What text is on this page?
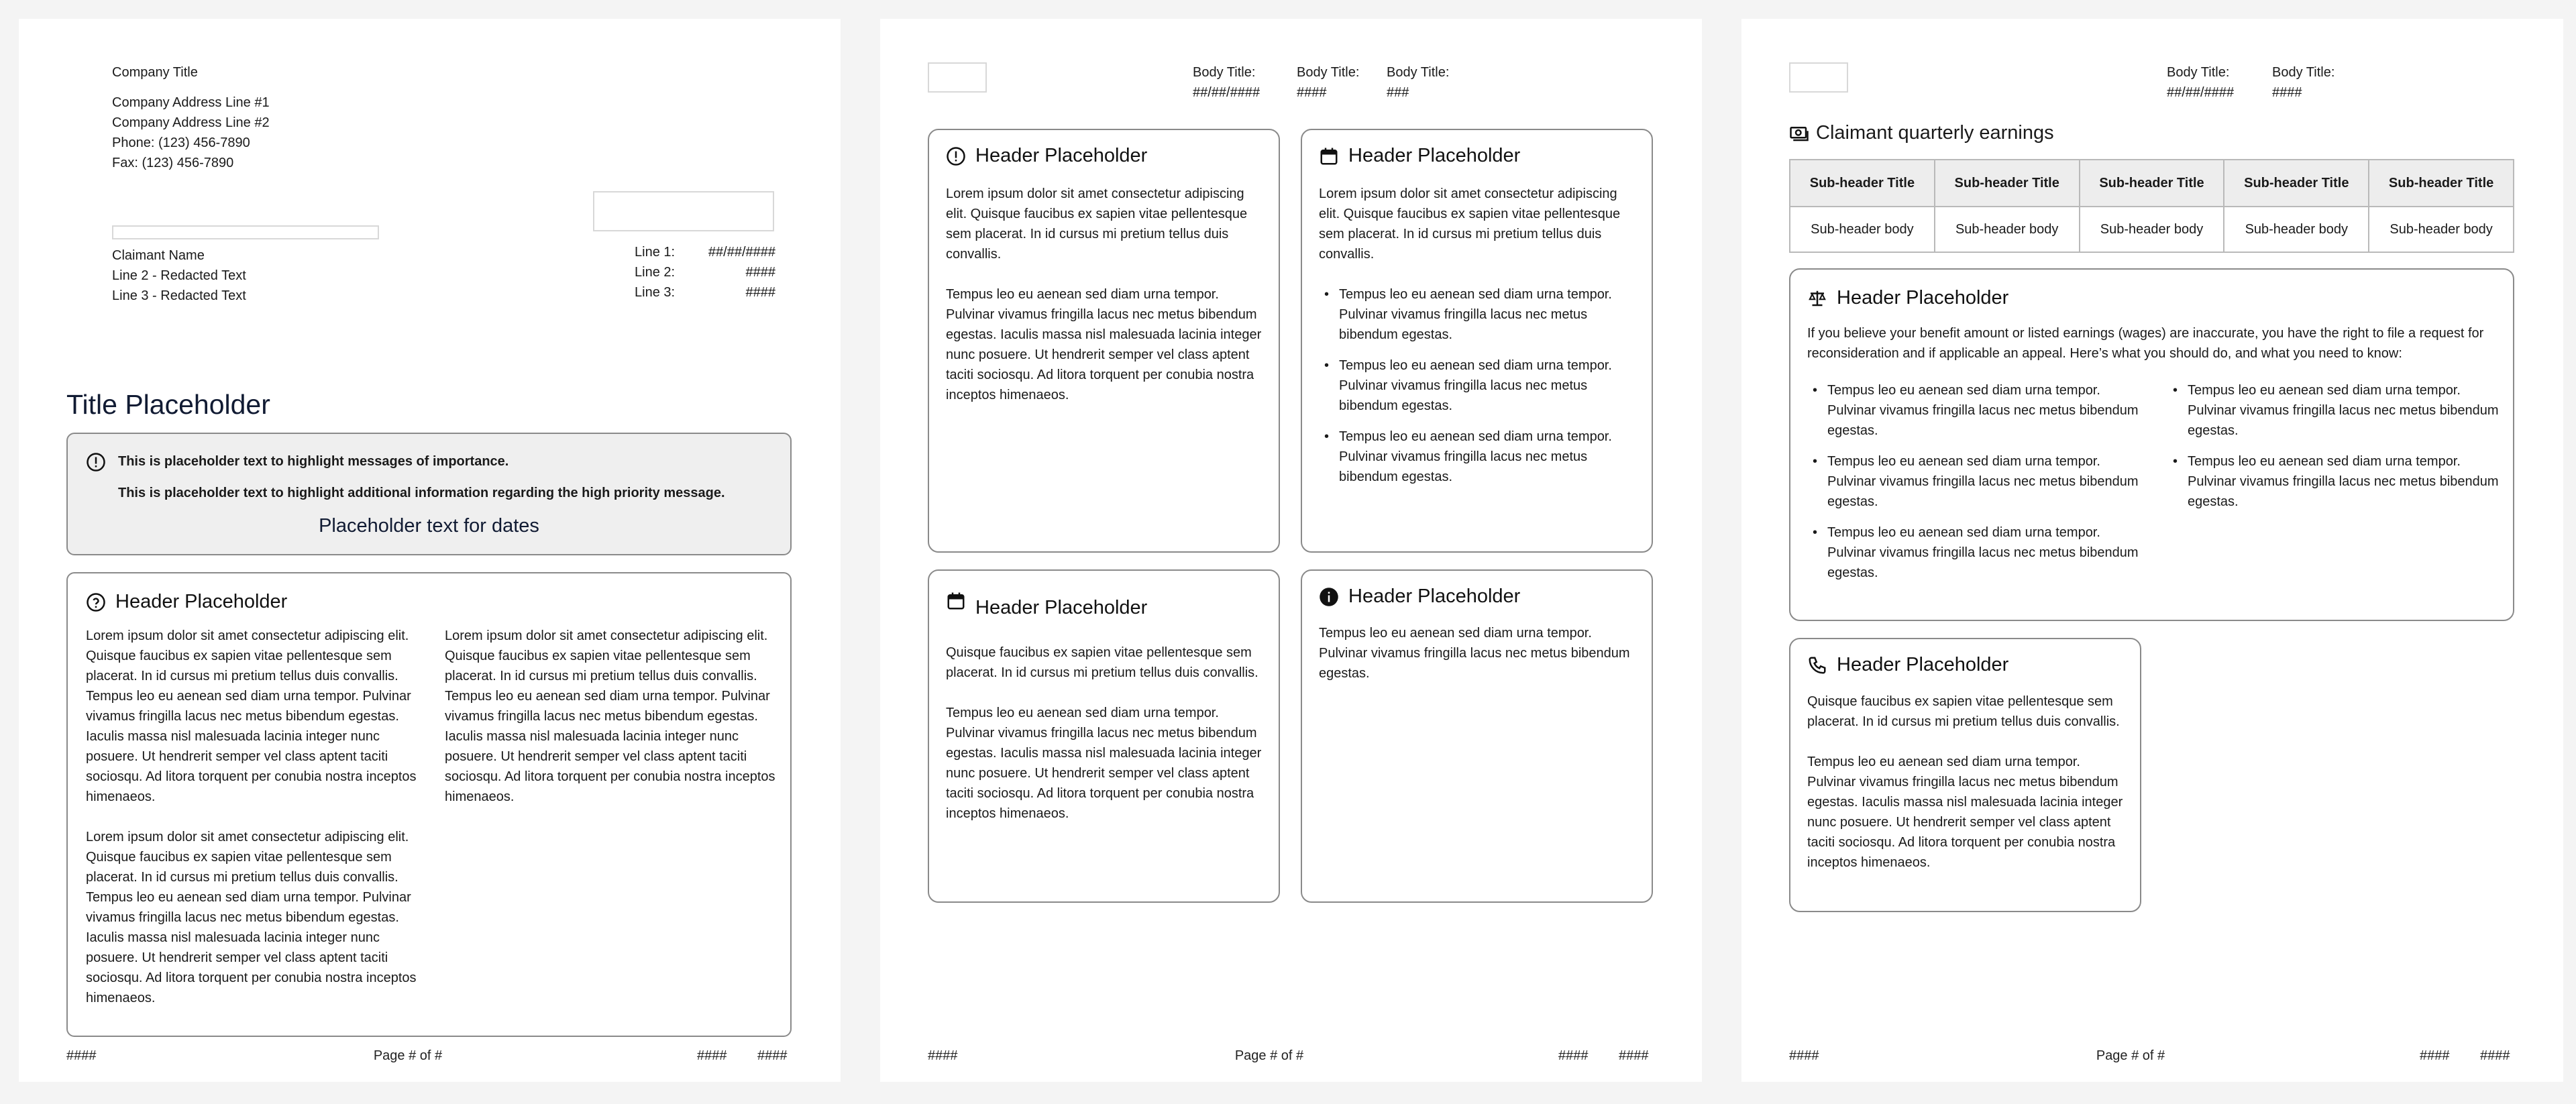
Company Title
Company Address Line #1
Company Address Line #2
Phone: (123) 456-7890
Fax: (123) 456-7890
Claimant Name
Line 2 - Redacted Text
Line 3 - Redacted Text
Line 1: ##/##/####
Line 2:	####
Line 3:	####
Title Placeholder
This is placeholder text to highlight messages of importance.
This is placeholder text to highlight additional information regarding the high priority message.
Placeholder text for dates
Header Placeholder

Lorem ipsum dolor sit amet consectetur adipiscing elit. Quisque faucibus ex sapien vitae pellentesque sem placerat. In id cursus mi pretium tellus duis convallis. Tempus leo eu aenean sed diam urna tempor. Pulvinar vivamus fringilla lacus nec metus bibendum egestas. Iaculis massa nisl malesuada lacinia integer nunc posuere. Ut hendrerit semper vel class aptent taciti sociosqu. Ad litora torquent per conubia nostra inceptos himenaeos.

Lorem ipsum dolor sit amet consectetur adipiscing elit. Quisque faucibus ex sapien vitae pellentesque sem placerat. In id cursus mi pretium tellus duis convallis. Tempus leo eu aenean sed diam urna tempor. Pulvinar vivamus fringilla lacus nec metus bibendum egestas. Iaculis massa nisl malesuada lacinia integer nunc posuere. Ut hendrerit semper vel class aptent taciti sociosqu. Ad litora torquent per conubia nostra inceptos himenaeos.

Lorem ipsum dolor sit amet consectetur adipiscing elit. Quisque faucibus ex sapien vitae pellentesque sem placerat. In id cursus mi pretium tellus duis convallis. Tempus leo eu aenean sed diam urna tempor. Pulvinar vivamus fringilla lacus nec metus bibendum egestas. Iaculis massa nisl malesuada lacinia integer nunc posuere. Ut hendrerit semper vel class aptent taciti sociosqu. Ad litora torquent per conubia nostra inceptos himenaeos.

####	Page # of #	#### ####
Body Title:
##/##/####
Body Title:
####
Body Title:
###
Header Placeholder

Lorem ipsum dolor sit amet consectetur adipiscing elit. Quisque faucibus ex sapien vitae pellentesque sem placerat. In id cursus mi pretium tellus duis convallis.

Tempus leo eu aenean sed diam urna tempor. Pulvinar vivamus fringilla lacus nec metus bibendum egestas. Iaculis massa nisl malesuada lacinia integer nunc posuere. Ut hendrerit semper vel class aptent taciti sociosqu. Ad litora torquent per conubia nostra inceptos himenaeos.

Header Placeholder

Lorem ipsum dolor sit amet consectetur adipiscing elit. Quisque faucibus ex sapien vitae pellentesque sem placerat. In id cursus mi pretium tellus duis convallis.

• Tempus leo eu aenean sed diam urna tempor. Pulvinar vivamus fringilla lacus nec metus bibendum egestas.
• Tempus leo eu aenean sed diam urna tempor. Pulvinar vivamus fringilla lacus nec metus bibendum egestas.
• Tempus leo eu aenean sed diam urna tempor. Pulvinar vivamus fringilla lacus nec metus bibendum egestas.
Header Placeholder

Quisque faucibus ex sapien vitae pellentesque sem placerat. In id cursus mi pretium tellus duis convallis.

Tempus leo eu aenean sed diam urna tempor. Pulvinar vivamus fringilla lacus nec metus bibendum egestas. Iaculis massa nisl malesuada lacinia integer nunc posuere. Ut hendrerit semper vel class aptent taciti sociosqu. Ad litora torquent per conubia nostra inceptos himenaeos.

Header Placeholder

Tempus leo eu aenean sed diam urna tempor. Pulvinar vivamus fringilla lacus nec metus bibendum egestas.

####	Page # of #	#### ####
Body Title:
##/##/####
Body Title:
####
Claimant quarterly earnings
Sub-header Title	Sub-header Title	Sub-header Title	Sub-header Title	Sub-header Title
Sub-header body	Sub-header body	Sub-header body	Sub-header body	Sub-header body
Header Placeholder
If you believe your benefit amount or listed earnings (wages) are inaccurate, you have the right to file a request for reconsideration and if applicable an appeal. Here’s what you should do, and what you need to know:
• Tempus leo eu aenean sed diam urna tempor. Pulvinar vivamus fringilla lacus nec metus bibendum egestas.
• Tempus leo eu aenean sed diam urna tempor. Pulvinar vivamus fringilla lacus nec metus bibendum egestas.
• Tempus leo eu aenean sed diam urna tempor. Pulvinar vivamus fringilla lacus nec metus bibendum egestas.
• Tempus leo eu aenean sed diam urna tempor. Pulvinar vivamus fringilla lacus nec metus bibendum egestas.
• Tempus leo eu aenean sed diam urna tempor. Pulvinar vivamus fringilla lacus nec metus bibendum egestas.
Header Placeholder

Quisque faucibus ex sapien vitae pellentesque sem placerat. In id cursus mi pretium tellus duis convallis.

Tempus leo eu aenean sed diam urna tempor. Pulvinar vivamus fringilla lacus nec metus bibendum egestas. Iaculis massa nisl malesuada lacinia integer nunc posuere. Ut hendrerit semper vel class aptent taciti sociosqu. Ad litora torquent per conubia nostra inceptos himenaeos.

####	Page # of #	#### ####
